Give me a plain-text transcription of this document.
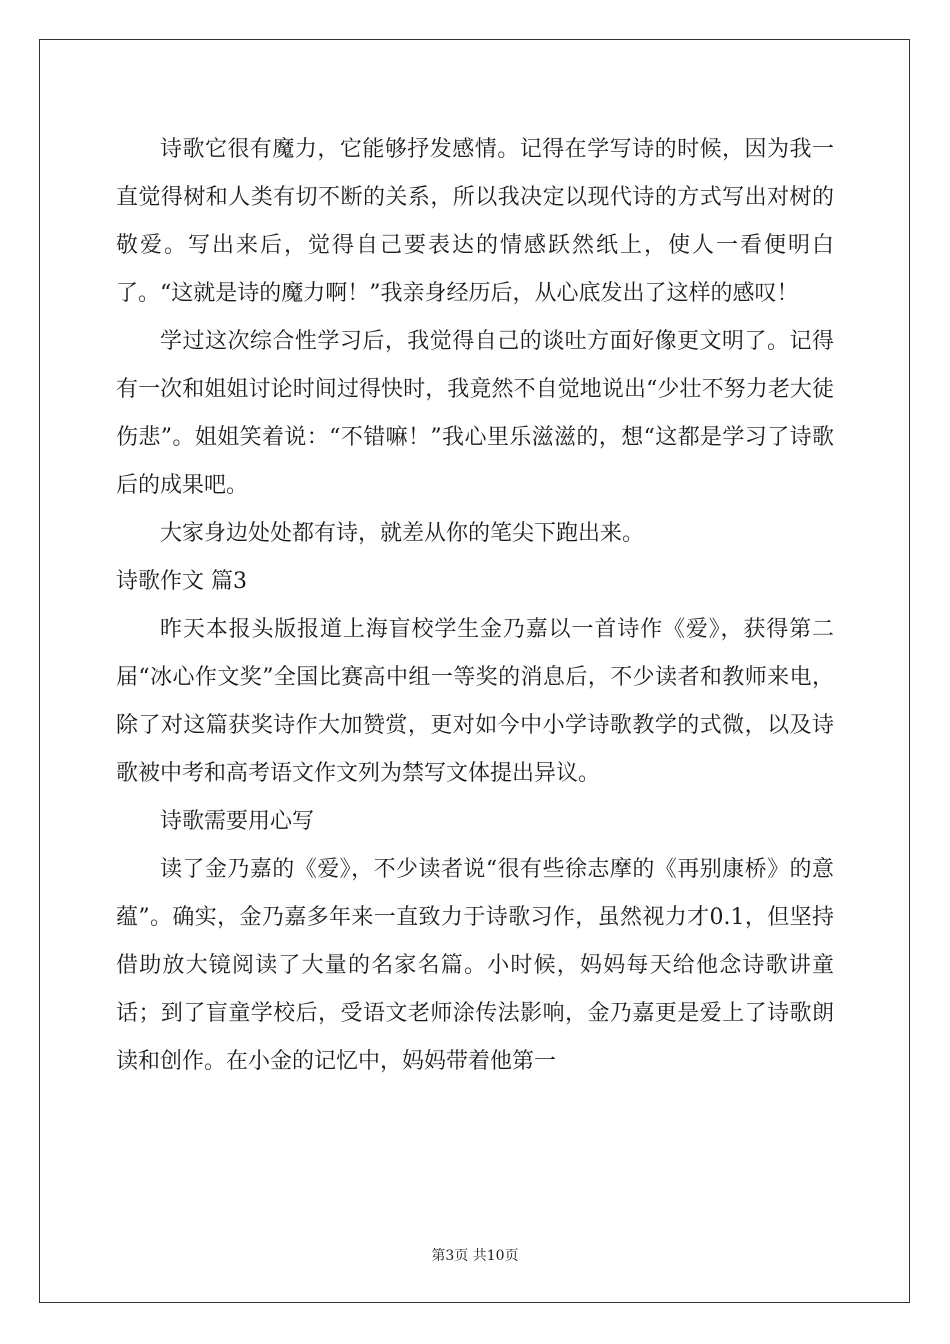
诗歌它很有魔力，它能够抒发感情。记得在学写诗的时候，因为我一直觉得树和人类有切不断的关系，所以我决定以现代诗的方式写出对树的敬爱。写出来后，觉得自己要表达的情感跃然纸上，使人一看便明白了。“这就是诗的魔力啊！”我亲身经历后，从心底发出了这样的感叹！

学过这次综合性学习后，我觉得自己的谈吐方面好像更文明了。记得有一次和姐姐讨论时间过得快时，我竟然不自觉地说出“少壮不努力老大徒伤悲”。姐姐笑着说：“不错嘛！”我心里乐滋滋的，想“这都是学习了诗歌后的成果吧。

大家身边处处都有诗，就差从你的笔尖下跑出来。

诗歌作文 篇3

昨天本报头版报道上海盲校学生金乃嘉以一首诗作《爱》，获得第二届“冰心作文奖”全国比赛高中组一等奖的消息后，不少读者和教师来电，除了对这篇获奖诗作大加赞赏，更对如今中小学诗歌教学的式微，以及诗歌被中考和高考语文作文列为禁写文体提出异议。

诗歌需要用心写

读了金乃嘉的《爱》，不少读者说“很有些徐志摩的《再别康桥》的意蕴”。确实，金乃嘉多年来一直致力于诗歌习作，虽然视力才0.1，但坚持借助放大镜阅读了大量的名家名篇。小时候，妈妈每天给他念诗歌讲童话；到了盲童学校后，受语文老师涂传法影响，金乃嘉更是爱上了诗歌朗读和创作。在小金的记忆中，妈妈带着他第一

第3页 共10页
